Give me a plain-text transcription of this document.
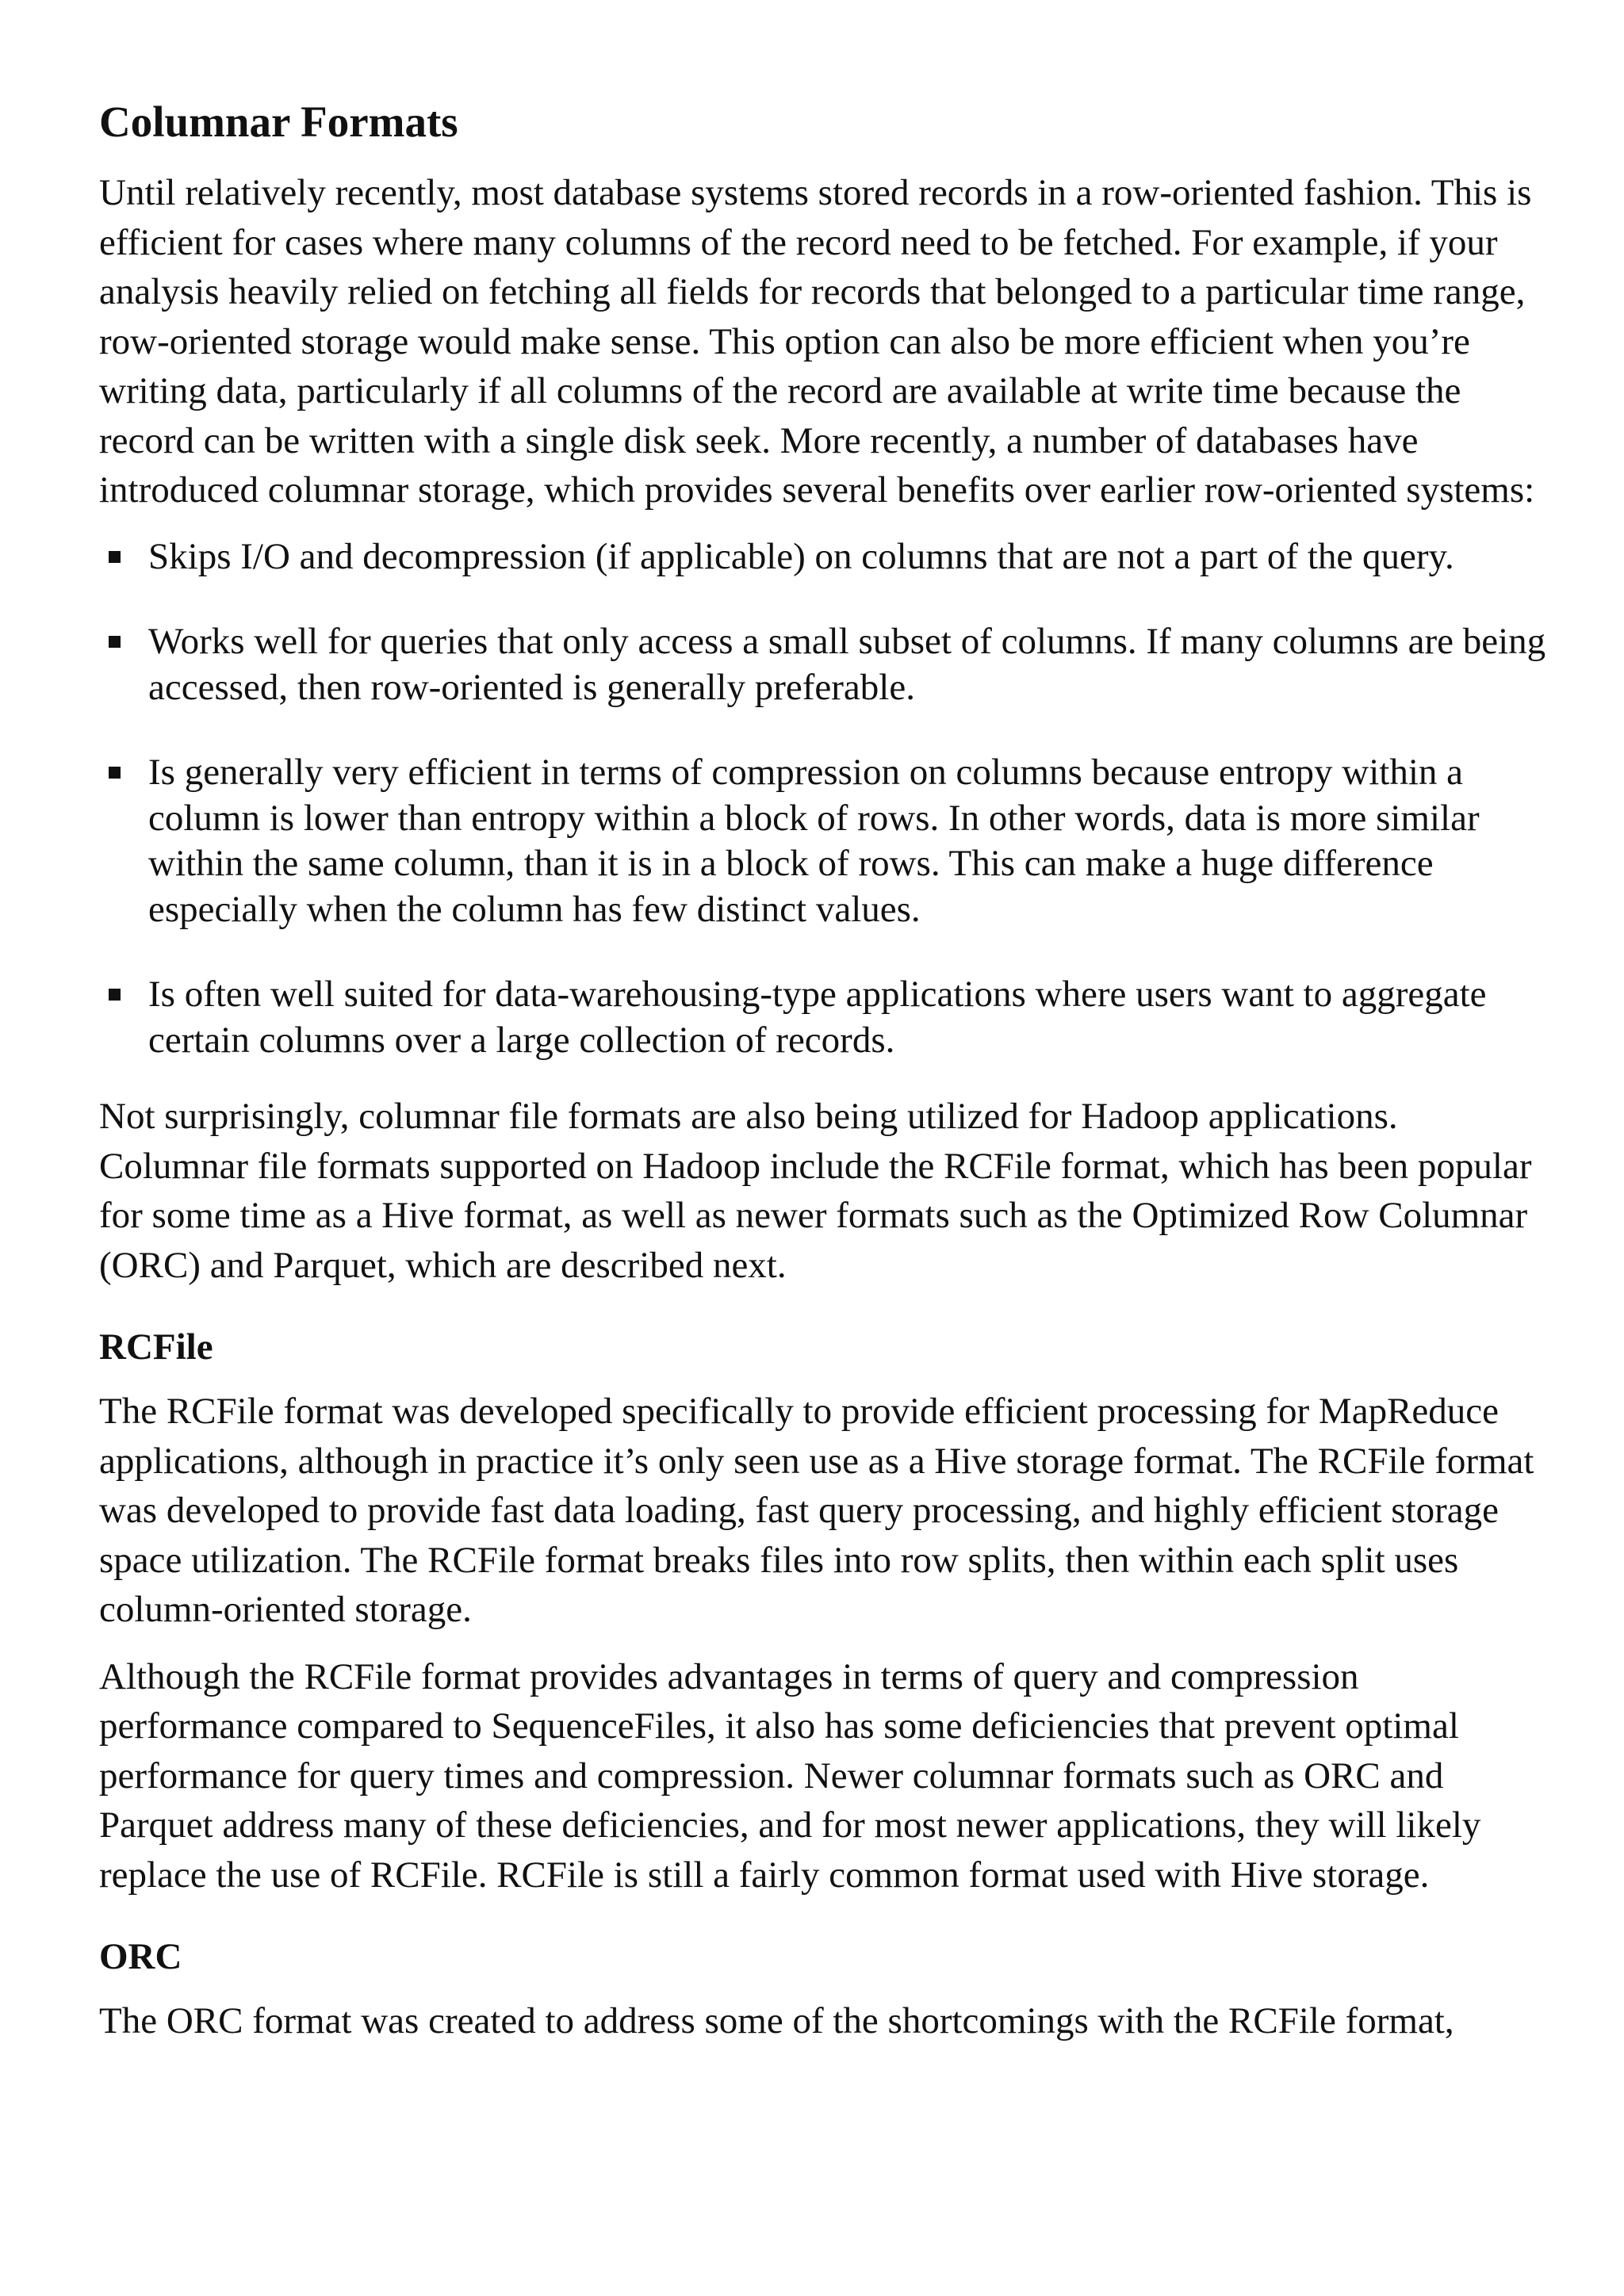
Columnar Formats

Until relatively recently, most database systems stored records in a row-oriented fashion. This is efficient for cases where many columns of the record need to be fetched. For example, if your analysis heavily relied on fetching all fields for records that belonged to a particular time range, row-oriented storage would make sense. This option can also be more efficient when you’re writing data, particularly if all columns of the record are available at write time because the record can be written with a single disk seek. More recently, a number of databases have introduced columnar storage, which provides several benefits over earlier row-oriented systems:

Skips I/O and decompression (if applicable) on columns that are not a part of the query.
Works well for queries that only access a small subset of columns. If many columns are being accessed, then row-oriented is generally preferable.
Is generally very efficient in terms of compression on columns because entropy within a column is lower than entropy within a block of rows. In other words, data is more similar within the same column, than it is in a block of rows. This can make a huge difference especially when the column has few distinct values.
Is often well suited for data-warehousing-type applications where users want to aggregate certain columns over a large collection of records.

Not surprisingly, columnar file formats are also being utilized for Hadoop applications. Columnar file formats supported on Hadoop include the RCFile format, which has been popular for some time as a Hive format, as well as newer formats such as the Optimized Row Columnar (ORC) and Parquet, which are described next.

RCFile

The RCFile format was developed specifically to provide efficient processing for MapReduce applications, although in practice it’s only seen use as a Hive storage format. The RCFile format was developed to provide fast data loading, fast query processing, and highly efficient storage space utilization. The RCFile format breaks files into row splits, then within each split uses column-oriented storage.

Although the RCFile format provides advantages in terms of query and compression performance compared to SequenceFiles, it also has some deficiencies that prevent optimal performance for query times and compression. Newer columnar formats such as ORC and Parquet address many of these deficiencies, and for most newer applications, they will likely replace the use of RCFile. RCFile is still a fairly common format used with Hive storage.

ORC

The ORC format was created to address some of the shortcomings with the RCFile format,
